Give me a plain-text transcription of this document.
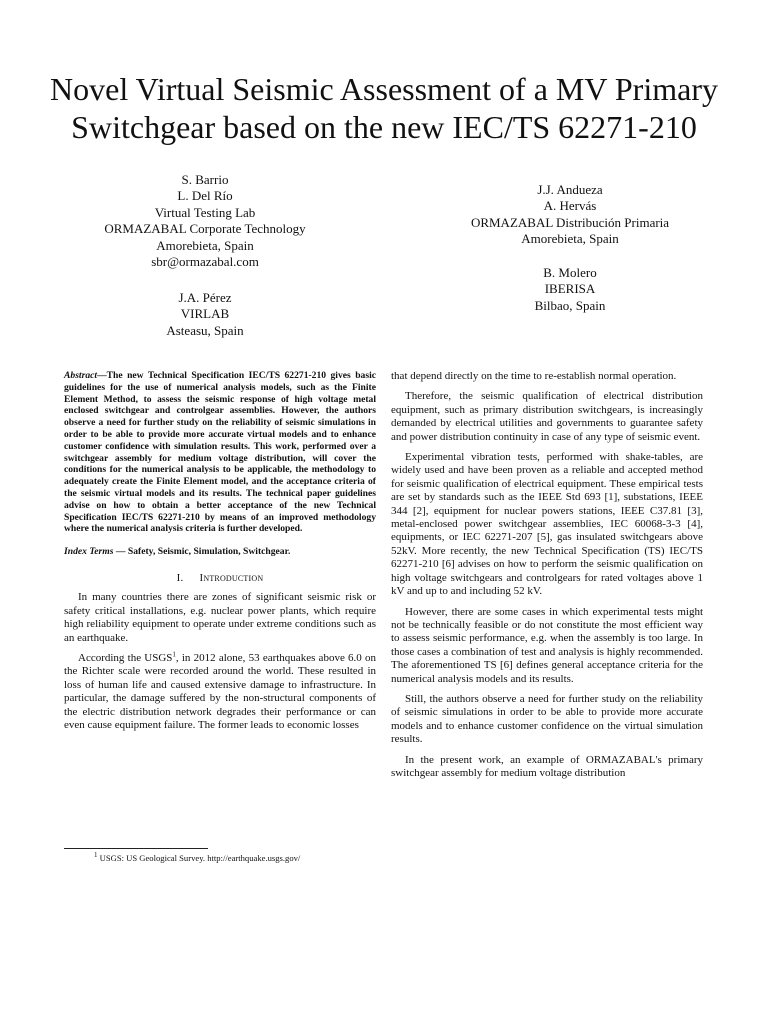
Novel Virtual Seismic Assessment of a MV Primary Switchgear based on the new IEC/TS 62271-210
S. Barrio
L. Del Río
Virtual Testing Lab
ORMAZABAL Corporate Technology
Amorebieta, Spain
sbr@ormazabal.com
J.A. Pérez
VIRLAB
Asteasu, Spain
J.J. Andueza
A. Hervás
ORMAZABAL Distribución Primaria
Amorebieta, Spain
B. Molero
IBERISA
Bilbao, Spain

Abstract—The new Technical Specification IEC/TS 62271-210 gives basic guidelines for the use of numerical analysis models, such as the Finite Element Method, to assess the seismic response of high voltage metal enclosed switchgear and controlgear assemblies. However, the authors observe a need for further study on the reliability of seismic simulations in order to be able to provide more accurate virtual models and to enhance customer confidence with simulation results. This work, performed over a switchgear assembly for medium voltage distribution, will cover the conditions for the numerical analysis to be applicable, the methodology to adequately create the Finite Element model, and the acceptance criteria of the seismic virtual models and its results. The technical paper guidelines advise on how to obtain a better acceptance of the new Technical Specification IEC/TS 62271-210 by means of an improved methodology where the numerical analysis criteria is further developed.

Index Terms — Safety, Seismic, Simulation, Switchgear.

I. Introduction

In many countries there are zones of significant seismic risk or safety critical installations, e.g. nuclear power plants, which require high reliability equipment to operate under extreme conditions such as an earthquake.

According the USGS$^1$, in 2012 alone, 53 earthquakes above 6.0 on the Richter scale were recorded around the world. These resulted in loss of human life and caused extensive damage to infrastructure. In particular, the damage suffered by the non-structural components of the electric distribution network degrades their performance or can even cause equipment failure. The former leads to economic losses

that depend directly on the time to re-establish normal operation.

Therefore, the seismic qualification of electrical distribution equipment, such as primary distribution switchgears, is increasingly demanded by electrical utilities and governments to guarantee safety and power distribution continuity in case of any type of seismic event.

Experimental vibration tests, performed with shake-tables, are widely used and have been proven as a reliable and accepted method for seismic qualification of electrical equipment. These empirical tests are set by standards such as the IEEE Std 693 [1], substations, IEEE 344 [2], equipment for nuclear powers stations, IEEE C37.81 [3], metal-enclosed power switchgear assemblies, IEC 60068-3-3 [4], equipments, or IEC 62271-207 [5], gas insulated switchgears above 52kV. More recently, the new Technical Specification (TS) IEC/TS 62271-210 [6] advises on how to perform the seismic qualification on high voltage switchgears and controlgears for rated voltages above 1 kV and up to and including 52 kV.

However, there are some cases in which experimental tests might not be technically feasible or do not constitute the most efficient way to assess seismic performance, e.g. when the assembly is too large. In those cases a combination of test and analysis is highly recommended. The aforementioned TS [6] defines general acceptance criteria for the numerical analysis models and its results.

Still, the authors observe a need for further study on the reliability of seismic simulations in order to be able to provide more accurate models and to enhance customer confidence on the virtual simulation results.

In the present work, an example of ORMAZABAL's primary switchgear assembly for medium voltage distribution

$^1$ USGS: US Geological Survey. http://earthquake.usgs.gov/
